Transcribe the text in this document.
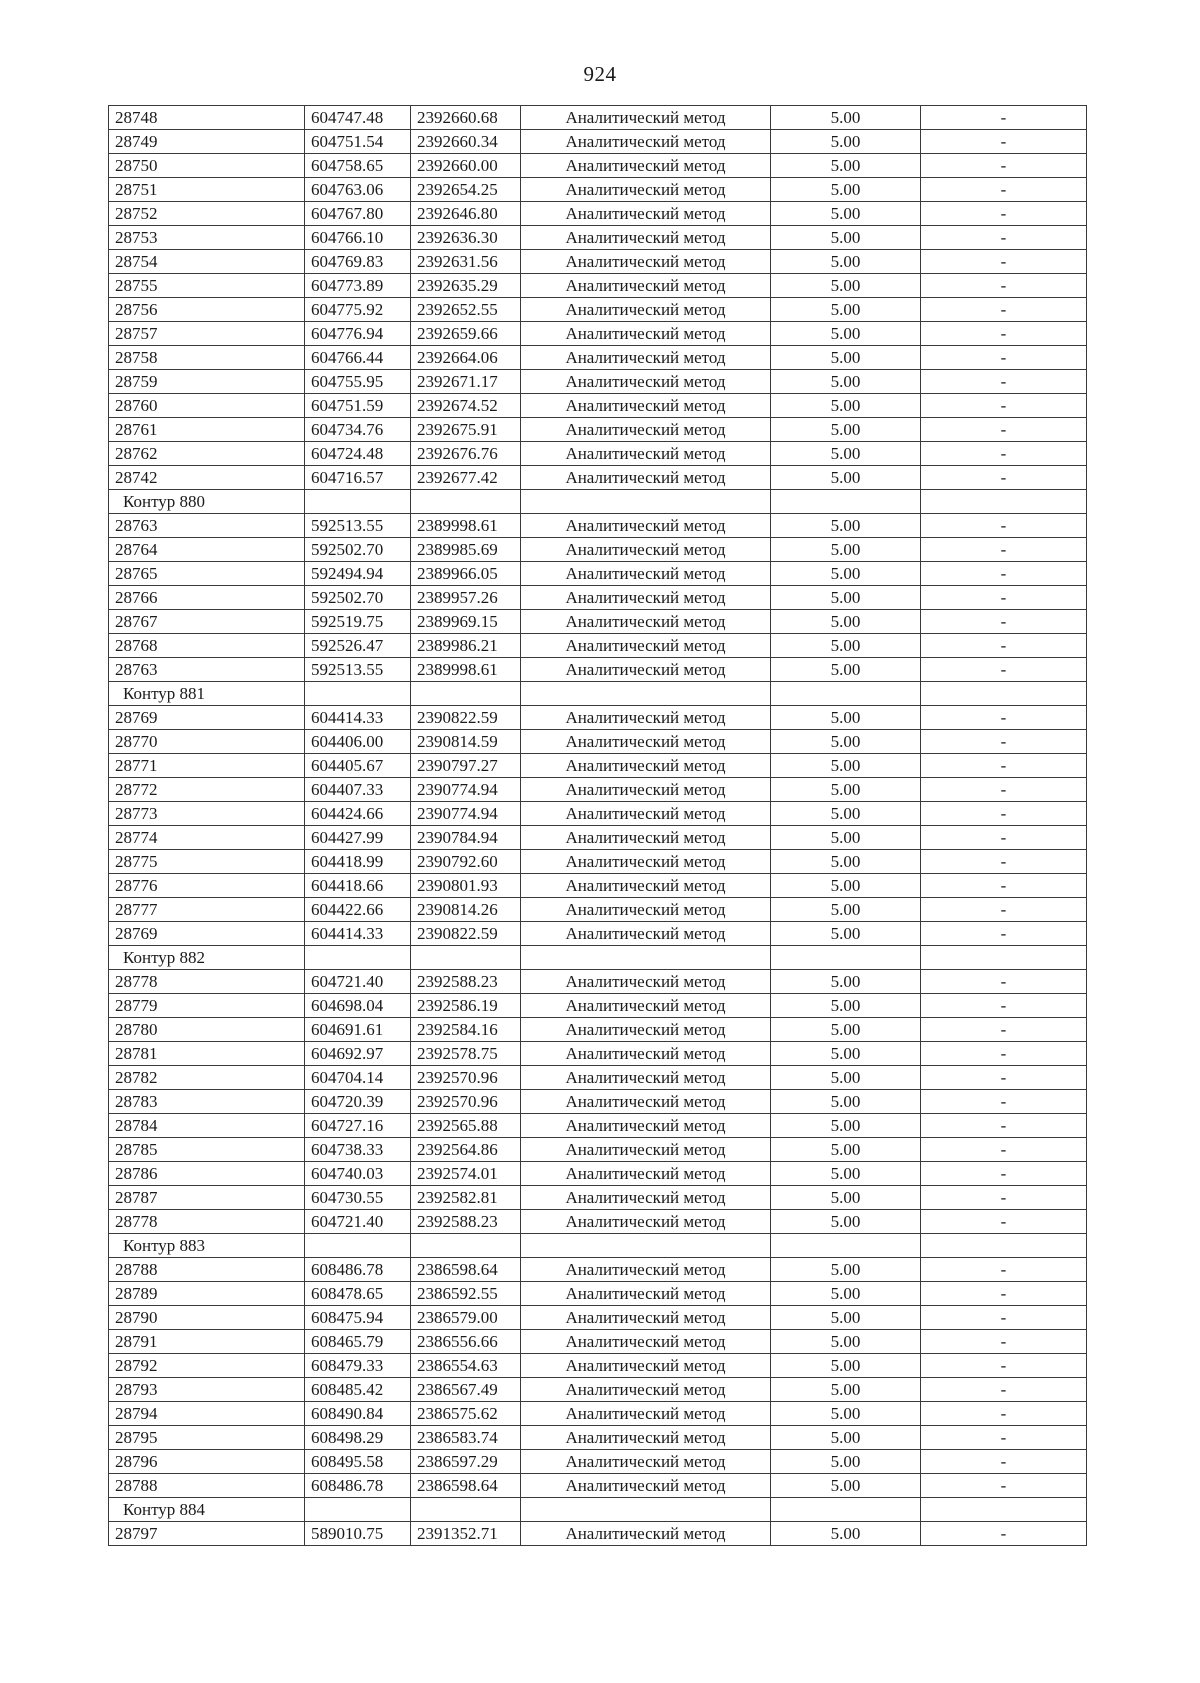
924
28748	604747.48	2392660.68	Аналитический метод	5.00	-
28749	604751.54	2392660.34	Аналитический метод	5.00	-
28750	604758.65	2392660.00	Аналитический метод	5.00	-
28751	604763.06	2392654.25	Аналитический метод	5.00	-
28752	604767.80	2392646.80	Аналитический метод	5.00	-
28753	604766.10	2392636.30	Аналитический метод	5.00	-
28754	604769.83	2392631.56	Аналитический метод	5.00	-
28755	604773.89	2392635.29	Аналитический метод	5.00	-
28756	604775.92	2392652.55	Аналитический метод	5.00	-
28757	604776.94	2392659.66	Аналитический метод	5.00	-
28758	604766.44	2392664.06	Аналитический метод	5.00	-
28759	604755.95	2392671.17	Аналитический метод	5.00	-
28760	604751.59	2392674.52	Аналитический метод	5.00	-
28761	604734.76	2392675.91	Аналитический метод	5.00	-
28762	604724.48	2392676.76	Аналитический метод	5.00	-
28742	604716.57	2392677.42	Аналитический метод	5.00	-
Контур 880					
28763	592513.55	2389998.61	Аналитический метод	5.00	-
28764	592502.70	2389985.69	Аналитический метод	5.00	-
28765	592494.94	2389966.05	Аналитический метод	5.00	-
28766	592502.70	2389957.26	Аналитический метод	5.00	-
28767	592519.75	2389969.15	Аналитический метод	5.00	-
28768	592526.47	2389986.21	Аналитический метод	5.00	-
28763	592513.55	2389998.61	Аналитический метод	5.00	-
Контур 881					
28769	604414.33	2390822.59	Аналитический метод	5.00	-
28770	604406.00	2390814.59	Аналитический метод	5.00	-
28771	604405.67	2390797.27	Аналитический метод	5.00	-
28772	604407.33	2390774.94	Аналитический метод	5.00	-
28773	604424.66	2390774.94	Аналитический метод	5.00	-
28774	604427.99	2390784.94	Аналитический метод	5.00	-
28775	604418.99	2390792.60	Аналитический метод	5.00	-
28776	604418.66	2390801.93	Аналитический метод	5.00	-
28777	604422.66	2390814.26	Аналитический метод	5.00	-
28769	604414.33	2390822.59	Аналитический метод	5.00	-
Контур 882					
28778	604721.40	2392588.23	Аналитический метод	5.00	-
28779	604698.04	2392586.19	Аналитический метод	5.00	-
28780	604691.61	2392584.16	Аналитический метод	5.00	-
28781	604692.97	2392578.75	Аналитический метод	5.00	-
28782	604704.14	2392570.96	Аналитический метод	5.00	-
28783	604720.39	2392570.96	Аналитический метод	5.00	-
28784	604727.16	2392565.88	Аналитический метод	5.00	-
28785	604738.33	2392564.86	Аналитический метод	5.00	-
28786	604740.03	2392574.01	Аналитический метод	5.00	-
28787	604730.55	2392582.81	Аналитический метод	5.00	-
28778	604721.40	2392588.23	Аналитический метод	5.00	-
Контур 883					
28788	608486.78	2386598.64	Аналитический метод	5.00	-
28789	608478.65	2386592.55	Аналитический метод	5.00	-
28790	608475.94	2386579.00	Аналитический метод	5.00	-
28791	608465.79	2386556.66	Аналитический метод	5.00	-
28792	608479.33	2386554.63	Аналитический метод	5.00	-
28793	608485.42	2386567.49	Аналитический метод	5.00	-
28794	608490.84	2386575.62	Аналитический метод	5.00	-
28795	608498.29	2386583.74	Аналитический метод	5.00	-
28796	608495.58	2386597.29	Аналитический метод	5.00	-
28788	608486.78	2386598.64	Аналитический метод	5.00	-
Контур 884					
28797	589010.75	2391352.71	Аналитический метод	5.00	-
